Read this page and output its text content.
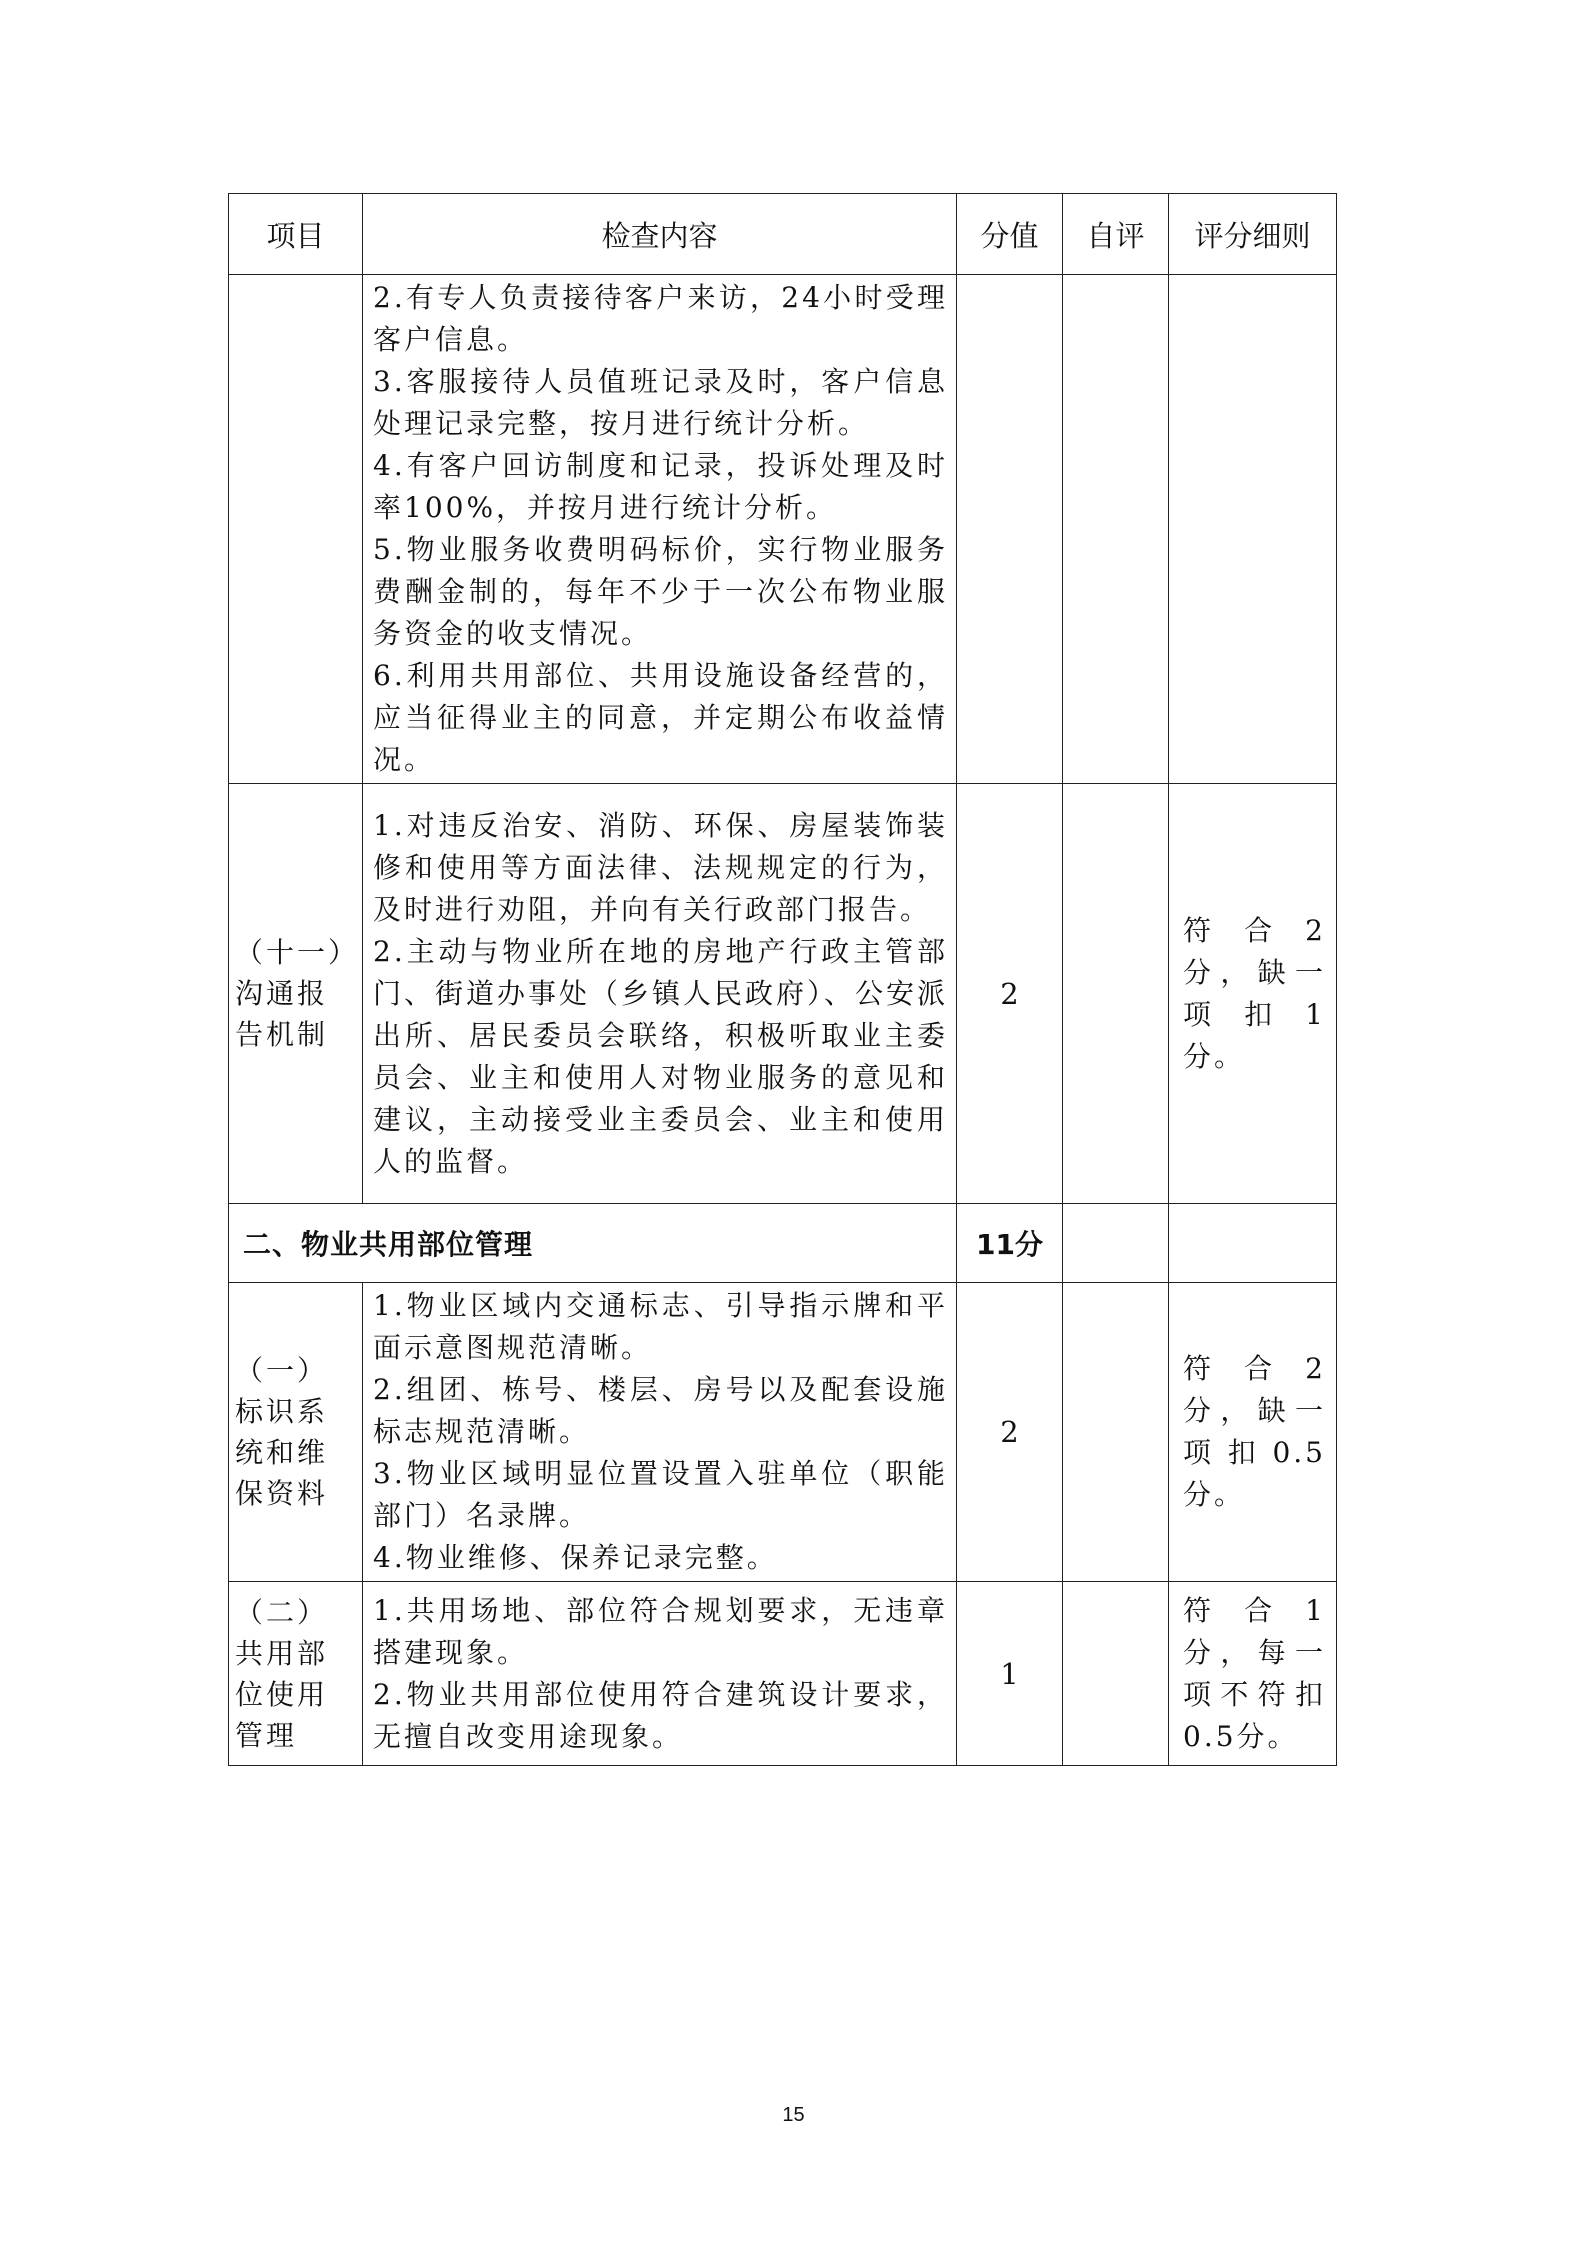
项目	检查内容	分值	自评	评分细则

	2.有专人负责接待客户来访，24小时受理客户信息。

3.客服接待人员值班记录及时，客户信息处理记录完整，按月进行统计分析。

4.有客户回访制度和记录，投诉处理及时率100%，并按月进行统计分析。

5.物业服务收费明码标价，实行物业服务费酬金制的，每年不少于一次公布物业服务资金的收支情况。

6.利用共用部位、共用设施设备经营的，应当征得业主的同意，并定期公布收益情况。			

（十一）沟通报告机制	1.对违反治安、消防、环保、房屋装饰装修和使用等方面法律、法规规定的行为，及时进行劝阻，并向有关行政部门报告。

2.主动与物业所在地的房地产行政主管部门、街道办事处（乡镇人民政府）、公安派出所、居民委员会联络，积极听取业主委员会、业主和使用人对物业服务的意见和建议，主动接受业主委员会、业主和使用人的监督。	2		符合2分，缺一项扣1分。
二、物业共用部位管理		11分		
（一）标识系统和维保资料	1.物业区域内交通标志、引导指示牌和平面示意图规范清晰。

2.组团、栋号、楼层、房号以及配套设施标志规范清晰。

3.物业区域明显位置设置入驻单位（职能部门）名录牌。

4.物业维修、保养记录完整。	2		符合2分，缺一项扣0.5分。
（二）共用部位使用管理	1.共用场地、部位符合规划要求，无违章搭建现象。

2.物业共用部位使用符合建筑设计要求，无擅自改变用途现象。	1		符合1分，每一项不符扣0.5分。
15
